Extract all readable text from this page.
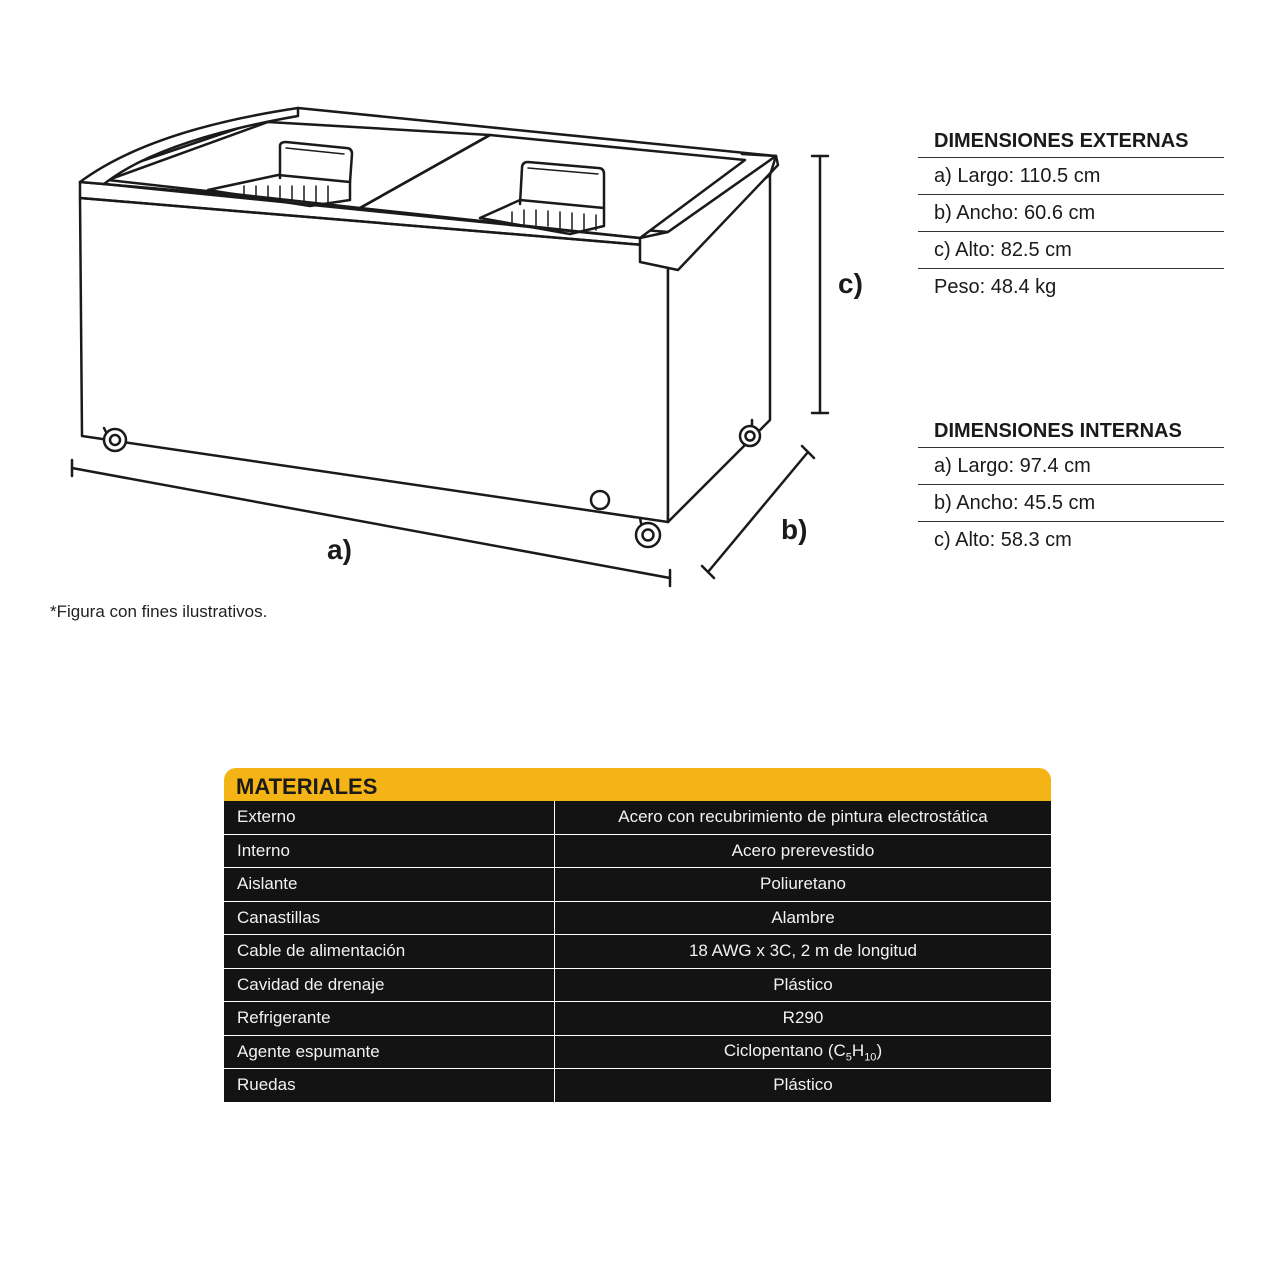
a)
b)
c)
*Figura con fines ilustrativos.
DIMENSIONES EXTERNAS
a) Largo: 110.5 cm
b) Ancho: 60.6 cm
c) Alto: 82.5 cm
Peso: 48.4 kg
DIMENSIONES INTERNAS
a) Largo: 97.4 cm
b) Ancho: 45.5 cm
c) Alto: 58.3 cm
MATERIALES
Externo	Acero con recubrimiento de pintura electrostática
Interno	Acero prerevestido
Aislante	Poliuretano
Canastillas	Alambre
Cable de alimentación	18 AWG x 3C, 2 m de longitud
Cavidad de drenaje	Plástico
Refrigerante	R290
Agente espumante	Ciclopentano $(C_5H_{10})$
Ruedas	Plástico
